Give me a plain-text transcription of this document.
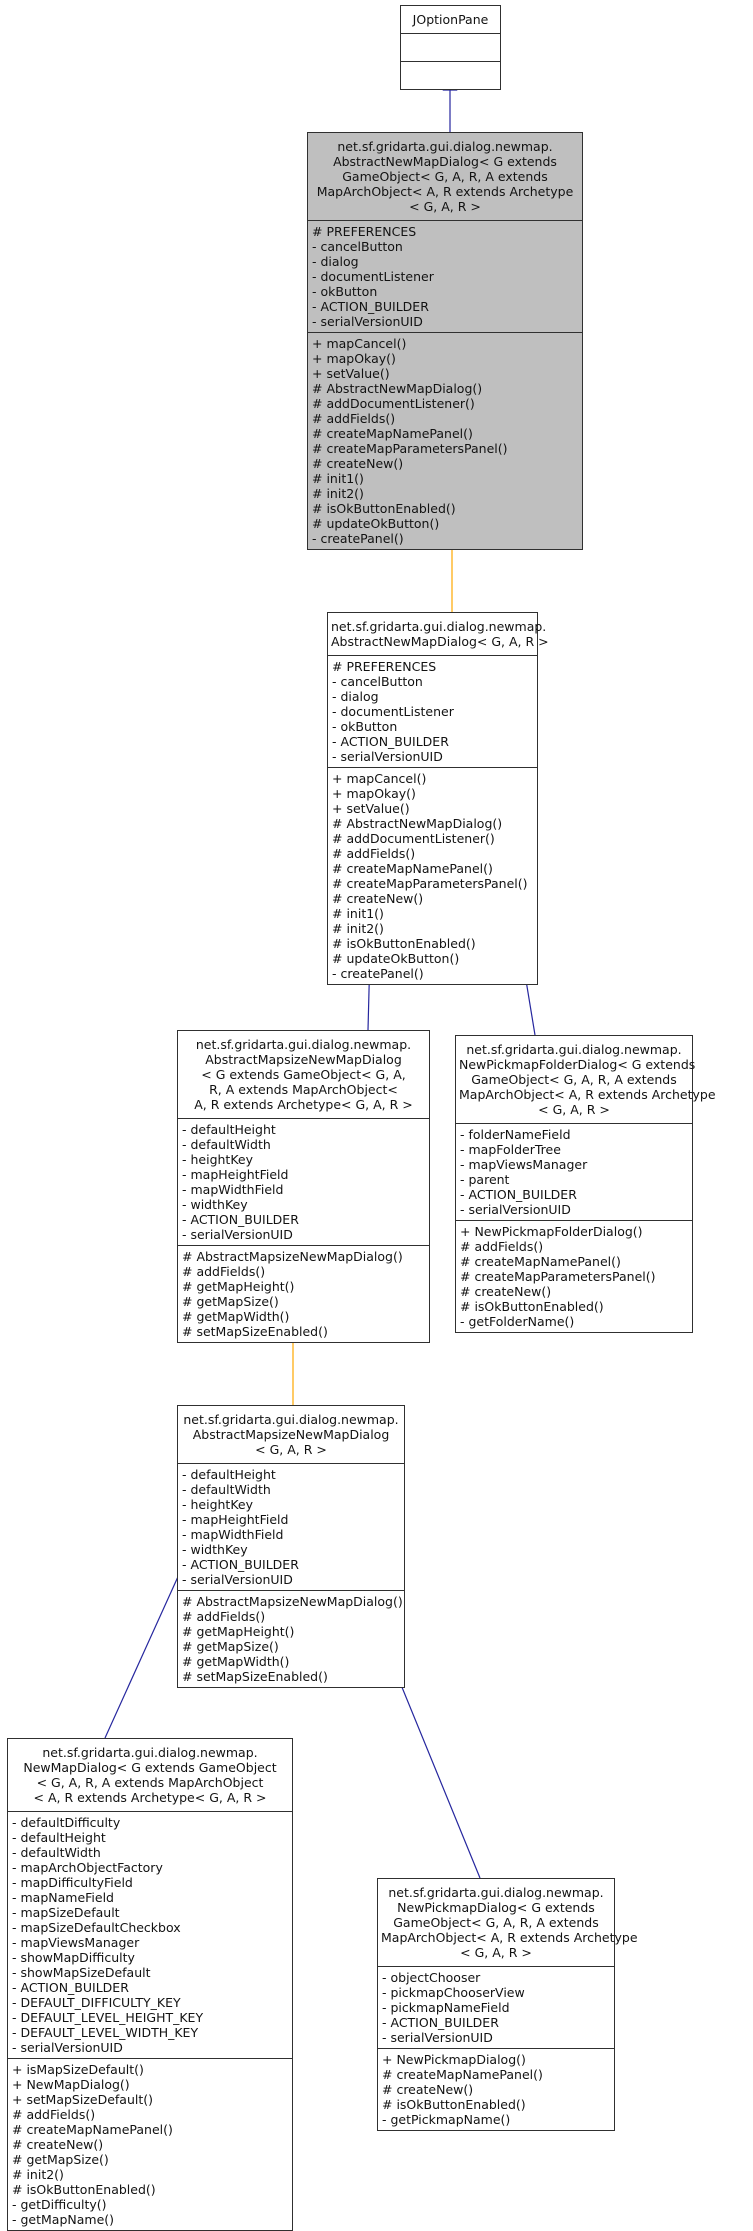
JOptionPane
net.sf.gridarta.gui.dialog.newmap.
AbstractNewMapDialog< G extends
GameObject< G, A, R, A extends
MapArchObject< A, R extends Archetype
< G, A, R >
# PREFERENCES
- cancelButton
- dialog
- documentListener
- okButton
- ACTION_BUILDER
- serialVersionUID
+ mapCancel()
+ mapOkay()
+ setValue()
# AbstractNewMapDialog()
# addDocumentListener()
# addFields()
# createMapNamePanel()
# createMapParametersPanel()
# createNew()
# init1()
# init2()
# isOkButtonEnabled()
# updateOkButton()
- createPanel()
net.sf.gridarta.gui.dialog.newmap.
AbstractNewMapDialog< G, A, R >
# PREFERENCES
- cancelButton
- dialog
- documentListener
- okButton
- ACTION_BUILDER
- serialVersionUID
+ mapCancel()
+ mapOkay()
+ setValue()
# AbstractNewMapDialog()
# addDocumentListener()
# addFields()
# createMapNamePanel()
# createMapParametersPanel()
# createNew()
# init1()
# init2()
# isOkButtonEnabled()
# updateOkButton()
- createPanel()
net.sf.gridarta.gui.dialog.newmap.
AbstractMapsizeNewMapDialog
< G extends GameObject< G, A,
R, A extends MapArchObject<
A, R extends Archetype< G, A, R >
- defaultHeight
- defaultWidth
- heightKey
- mapHeightField
- mapWidthField
- widthKey
- ACTION_BUILDER
- serialVersionUID
# AbstractMapsizeNewMapDialog()
# addFields()
# getMapHeight()
# getMapSize()
# getMapWidth()
# setMapSizeEnabled()
net.sf.gridarta.gui.dialog.newmap.
NewPickmapFolderDialog< G extends
GameObject< G, A, R, A extends
MapArchObject< A, R extends Archetype
< G, A, R >
- folderNameField
- mapFolderTree
- mapViewsManager
- parent
- ACTION_BUILDER
- serialVersionUID
+ NewPickmapFolderDialog()
# addFields()
# createMapNamePanel()
# createMapParametersPanel()
# createNew()
# isOkButtonEnabled()
- getFolderName()
net.sf.gridarta.gui.dialog.newmap.
AbstractMapsizeNewMapDialog
< G, A, R >
- defaultHeight
- defaultWidth
- heightKey
- mapHeightField
- mapWidthField
- widthKey
- ACTION_BUILDER
- serialVersionUID
# AbstractMapsizeNewMapDialog()
# addFields()
# getMapHeight()
# getMapSize()
# getMapWidth()
# setMapSizeEnabled()
net.sf.gridarta.gui.dialog.newmap.
NewMapDialog< G extends GameObject
< G, A, R, A extends MapArchObject
< A, R extends Archetype< G, A, R >
- defaultDifficulty
- defaultHeight
- defaultWidth
- mapArchObjectFactory
- mapDifficultyField
- mapNameField
- mapSizeDefault
- mapSizeDefaultCheckbox
- mapViewsManager
- showMapDifficulty
- showMapSizeDefault
- ACTION_BUILDER
- DEFAULT_DIFFICULTY_KEY
- DEFAULT_LEVEL_HEIGHT_KEY
- DEFAULT_LEVEL_WIDTH_KEY
- serialVersionUID
+ isMapSizeDefault()
+ NewMapDialog()
+ setMapSizeDefault()
# addFields()
# createMapNamePanel()
# createNew()
# getMapSize()
# init2()
# isOkButtonEnabled()
- getDifficulty()
- getMapName()
net.sf.gridarta.gui.dialog.newmap.
NewPickmapDialog< G extends
GameObject< G, A, R, A extends
MapArchObject< A, R extends Archetype
< G, A, R >
- objectChooser
- pickmapChooserView
- pickmapNameField
- ACTION_BUILDER
- serialVersionUID
+ NewPickmapDialog()
# createMapNamePanel()
# createNew()
# isOkButtonEnabled()
- getPickmapName()
